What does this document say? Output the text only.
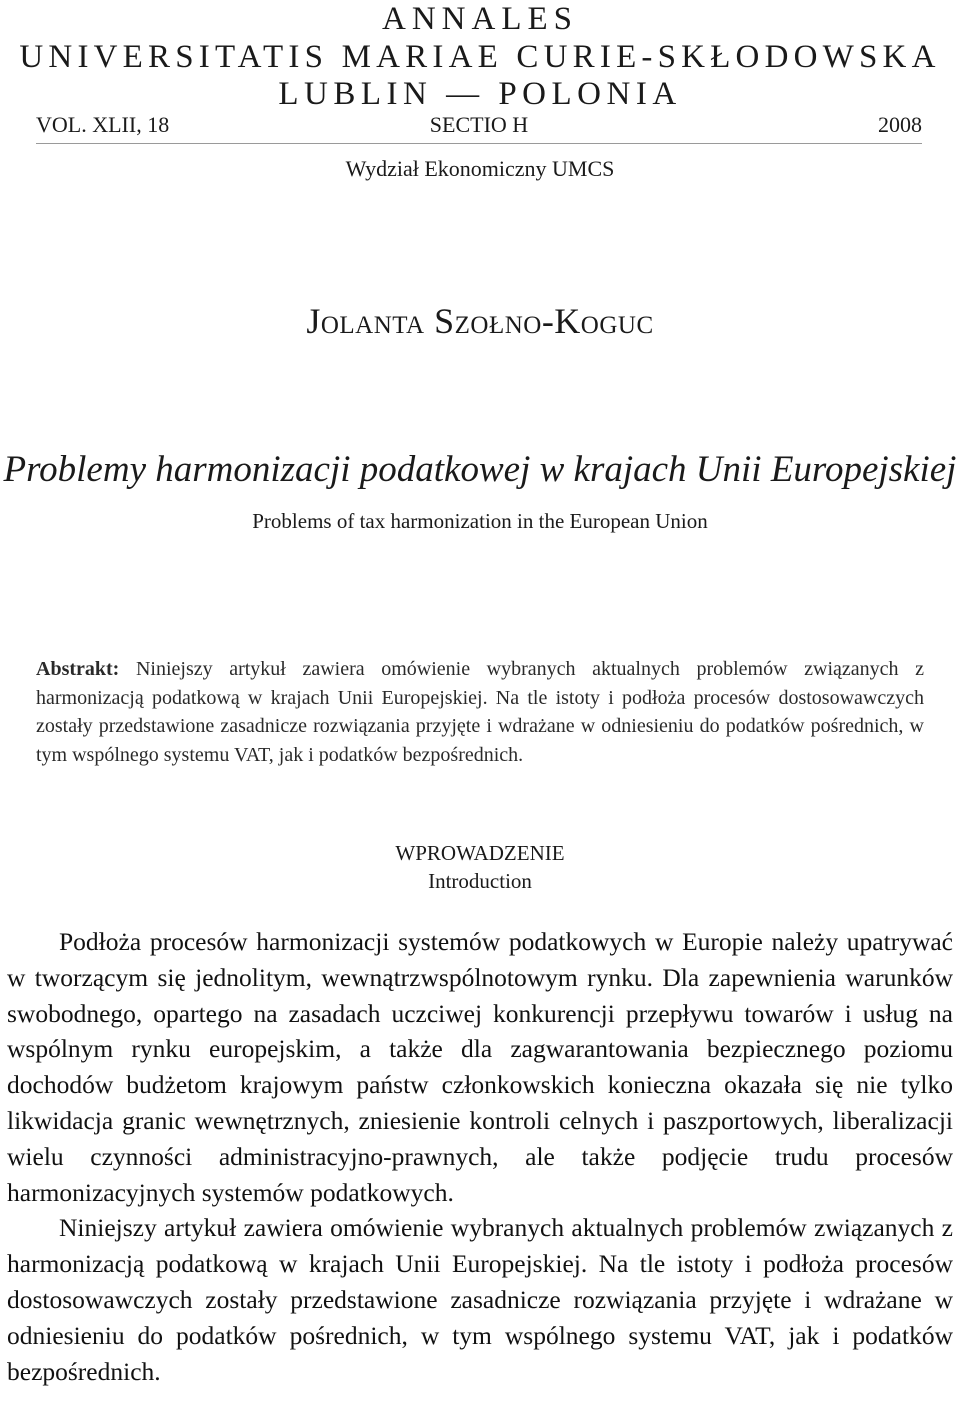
ANNALES
UNIVERSITATIS MARIAE CURIE-SKŁODOWSKA
LUBLIN — POLONIA
VOL. XLII, 18	SECTIO H	2008
Wydział Ekonomiczny UMCS
Jolanta Szołno-Koguc
Problemy harmonizacji podatkowej w krajach Unii Europejskiej
Problems of tax harmonization in the European Union
Abstrakt: Niniejszy artykuł zawiera omówienie wybranych aktualnych problemów związanych z harmonizacją podatkową w krajach Unii Europejskiej. Na tle istoty i podłoża procesów dostosowawczych zostały przedstawione zasadnicze rozwiązania przyjęte i wdrażane w odniesieniu do podatków pośrednich, w tym wspólnego systemu VAT, jak i podatków bezpośrednich.
WPROWADZENIE
Introduction

Podłoża procesów harmonizacji systemów podatkowych w Europie należy upatrywać w tworzącym się jednolitym, wewnątrzwspólnotowym rynku. Dla zapewnienia warunków swobodnego, opartego na zasadach uczciwej konkurencji przepływu towarów i usług na wspólnym rynku europejskim, a także dla zagwarantowania bezpiecznego poziomu dochodów budżetom krajowym państw członkowskich konieczna okazała się nie tylko likwidacja granic wewnętrznych, zniesienie kontroli celnych i paszportowych, liberalizacji wielu czynności administracyjno-prawnych, ale także podjęcie trudu procesów harmonizacyjnych systemów podatkowych.

Niniejszy artykuł zawiera omówienie wybranych aktualnych problemów związanych z harmonizacją podatkową w krajach Unii Europejskiej. Na tle istoty i podłoża procesów dostosowawczych zostały przedstawione zasadnicze rozwiązania przyjęte i wdrażane w odniesieniu do podatków pośrednich, w tym wspólnego systemu VAT, jak i podatków bezpośrednich.
